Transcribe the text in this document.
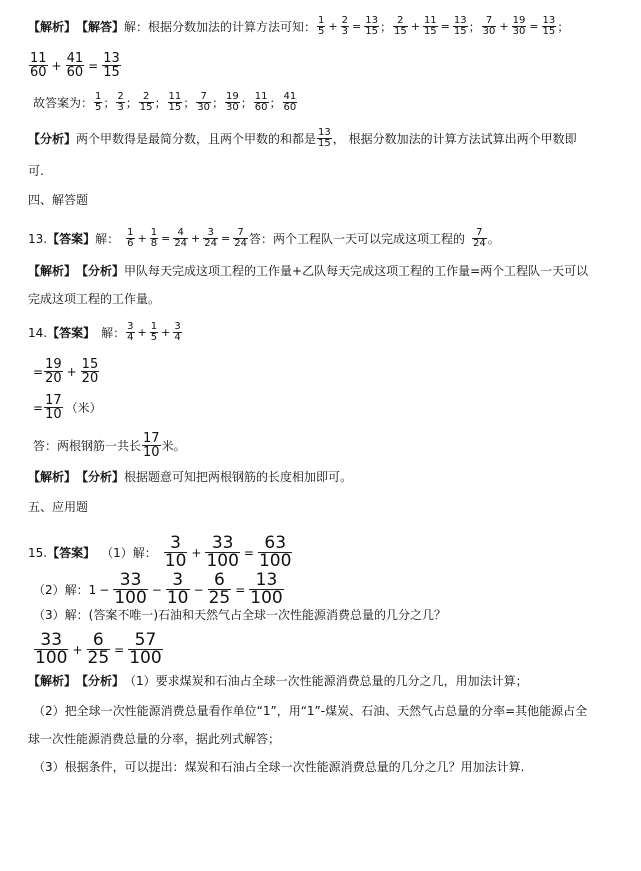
【解析】 【解答】 解：根据分数加法的计算方法可知： $\frac{1}{5} + \frac{2}{3} = \frac{13}{15}$ ； $\frac{2}{15} + \frac{11}{15} = \frac{13}{15}$ ； $\frac{7}{30} + \frac{19}{30} = \frac{13}{15}$ ；
$\frac{11}{60} + \frac{41}{60} = \frac{13}{15}$
故答案为： $\frac{1}{5}$ ； $\frac{2}{3}$ ； $\frac{2}{15}$ ； $\frac{11}{15}$ ； $\frac{7}{30}$ ； $\frac{19}{30}$ ； $\frac{11}{60}$ ； $\frac{41}{60}$
【分析】 两个甲数得是最简分数，且两个甲数的和都是 $\frac{13}{15}$ ， 根据分数加法的计算方法试算出两个甲数即
可.
四、解答题
13. 【答案】 解： $\frac{1}{6} + \frac{1}{8} = \frac{4}{24} + \frac{3}{24} = \frac{7}{24}$ 答：两个工程队一天可以完成这项工程的 $\frac{7}{24}$ 。
【解析】 【分析】 甲队每天完成这项工程的工作量+乙队每天完成这项工程的工作量=两个工程队一天可以
完成这项工程的工作量。
14. 【答案】 解： $\frac{3}{4} + \frac{1}{5} + \frac{3}{4}$
= $\frac{19}{20} + \frac{15}{20}$
= $\frac{17}{10}$ （米）
答：两根钢筋一共长 $\frac{17}{10}$ 米。
【解析】 【分析】 根据题意可知把两根钢筋的长度相加即可。
五、应用题
15. 【答案】 （1）解： $\frac{3}{10} + \frac{33}{100} = \frac{63}{100}$
（2）解：$1 - \frac{33}{100} - \frac{3}{10} - \frac{6}{25} = \frac{13}{100}$
（3）解：(答案不唯一)石油和天然气占全球一次性能源消费总量的几分之几？
$\frac{33}{100} + \frac{6}{25} = \frac{57}{100}$
【解析】 【分析】 （1）要求煤炭和石油占全球一次性能源消费总量的几分之几，用加法计算；
（2）把全球一次性能源消费总量看作单位“1”，用“1”-煤炭、石油、天然气占总量的分率=其他能源占全
球一次性能源消费总量的分率，据此列式解答；
（3）根据条件，可以提出：煤炭和石油占全球一次性能源消费总量的几分之几？用加法计算.
